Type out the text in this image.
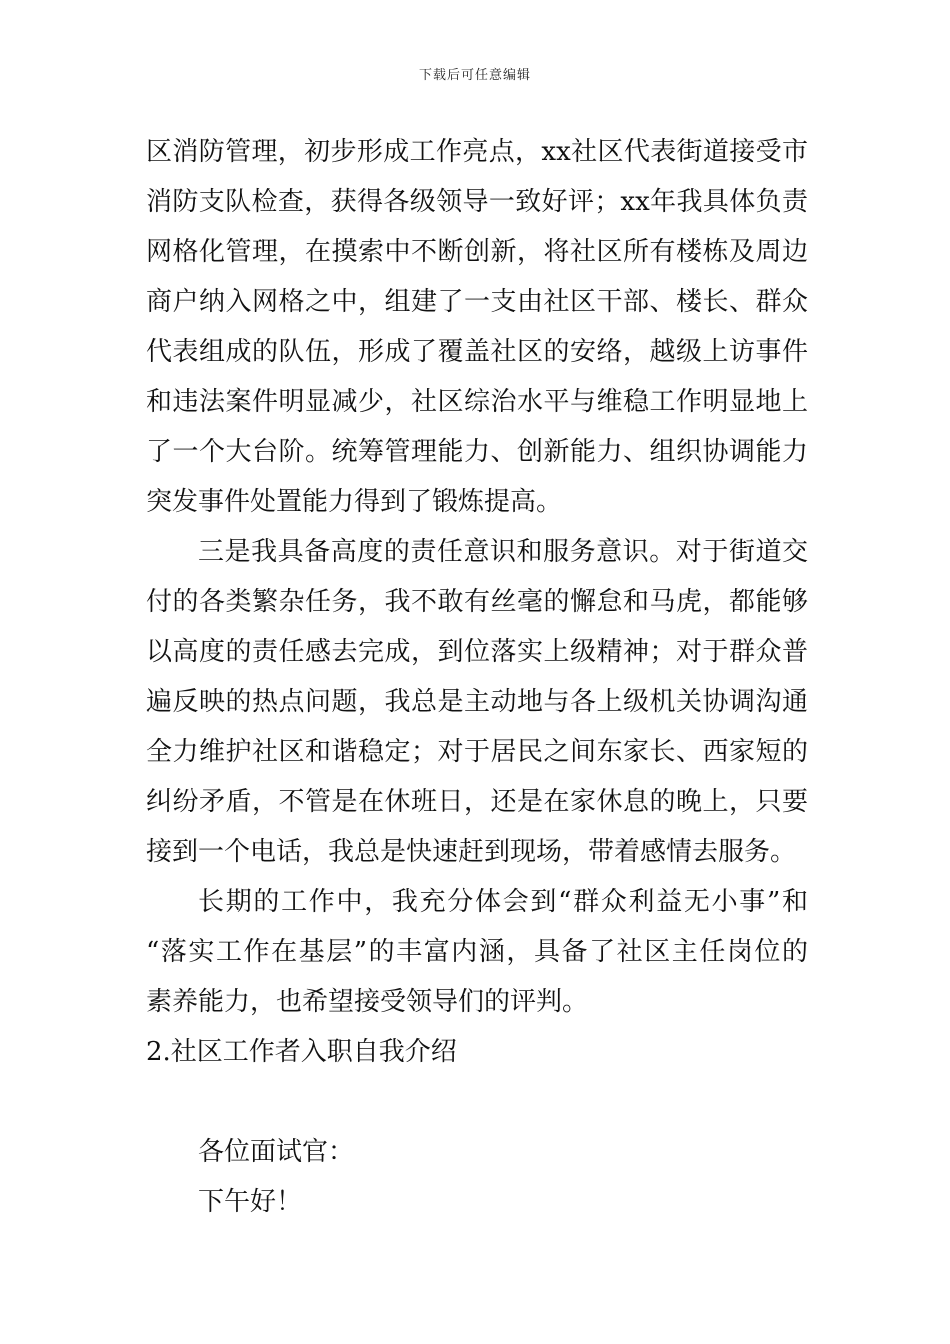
下载后可任意编辑
区消防管理，初步形成工作亮点，xx社区代表街道接受市
消防支队检查，获得各级领导一致好评；xx年我具体负责
网格化管理，在摸索中不断创新，将社区所有楼栋及周边
商户纳入网格之中，组建了一支由社区干部、楼长、群众
代表组成的队伍，形成了覆盖社区的安络，越级上访事件
和违法案件明显减少，社区综治水平与维稳工作明显地上
了一个大台阶。统筹管理能力、创新能力、组织协调能力
突发事件处置能力得到了锻炼提高。
三是我具备高度的责任意识和服务意识。对于街道交
付的各类繁杂任务，我不敢有丝毫的懈怠和马虎，都能够
以高度的责任感去完成，到位落实上级精神；对于群众普
遍反映的热点问题，我总是主动地与各上级机关协调沟通
全力维护社区和谐稳定；对于居民之间东家长、西家短的
纠纷矛盾，不管是在休班日，还是在家休息的晚上，只要
接到一个电话，我总是快速赶到现场，带着感情去服务。
长期的工作中，我充分体会到“群众利益无小事”和
“落实工作在基层”的丰富内涵，具备了社区主任岗位的
素养能力，也希望接受领导们的评判。
2.社区工作者入职自我介绍
各位面试官：
下午好！
